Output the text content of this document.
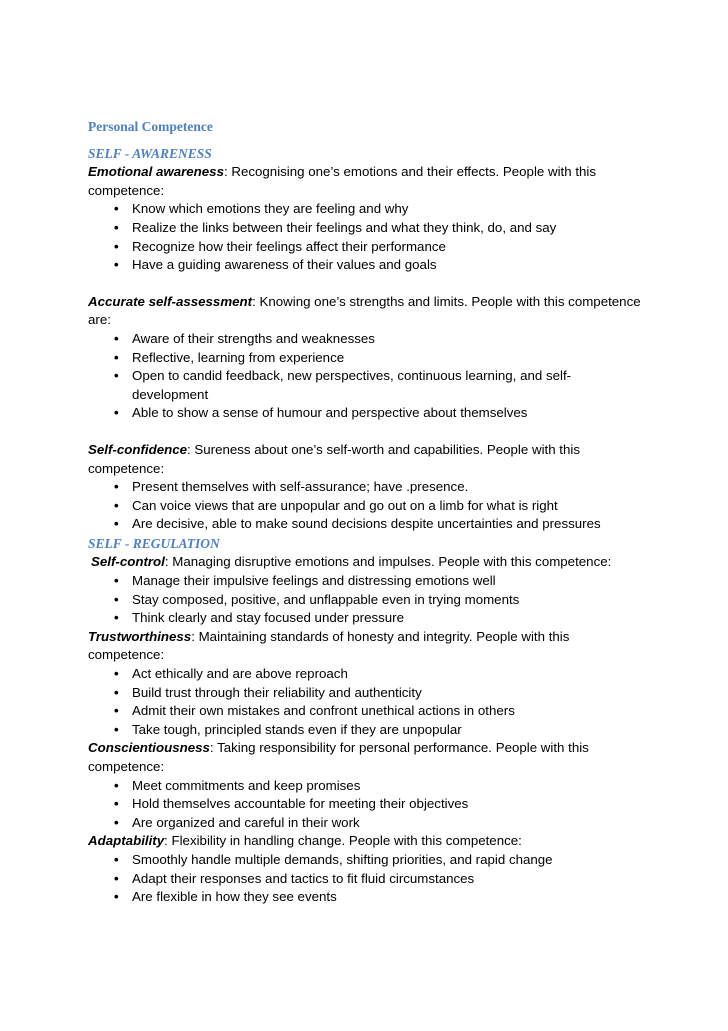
Personal Competence
SELF - AWARENESS

Emotional awareness: Recognising one’s emotions and their effects. People with this competence:

• Know which emotions they are feeling and why
• Realize the links between their feelings and what they think, do, and say
• Recognize how their feelings affect their performance
• Have a guiding awareness of their values and goals

Accurate self-assessment: Knowing one’s strengths and limits. People with this competence are:

• Aware of their strengths and weaknesses
• Reflective, learning from experience
• Open to candid feedback, new perspectives, continuous learning, and self-development
• Able to show a sense of humour and perspective about themselves

Self-confidence: Sureness about one’s self-worth and capabilities. People with this competence:

• Present themselves with self-assurance; have .presence.
• Can voice views that are unpopular and go out on a limb for what is right
• Are decisive, able to make sound decisions despite uncertainties and pressures
SELF - REGULATION

Self-control: Managing disruptive emotions and impulses. People with this competence:

• Manage their impulsive feelings and distressing emotions well
• Stay composed, positive, and unflappable even in trying moments
• Think clearly and stay focused under pressure

Trustworthiness: Maintaining standards of honesty and integrity. People with this competence:

• Act ethically and are above reproach
• Build trust through their reliability and authenticity
• Admit their own mistakes and confront unethical actions in others
• Take tough, principled stands even if they are unpopular

Conscientiousness: Taking responsibility for personal performance. People with this competence:

• Meet commitments and keep promises
• Hold themselves accountable for meeting their objectives
• Are organized and careful in their work

Adaptability: Flexibility in handling change. People with this competence:

• Smoothly handle multiple demands, shifting priorities, and rapid change
• Adapt their responses and tactics to fit fluid circumstances
• Are flexible in how they see events
